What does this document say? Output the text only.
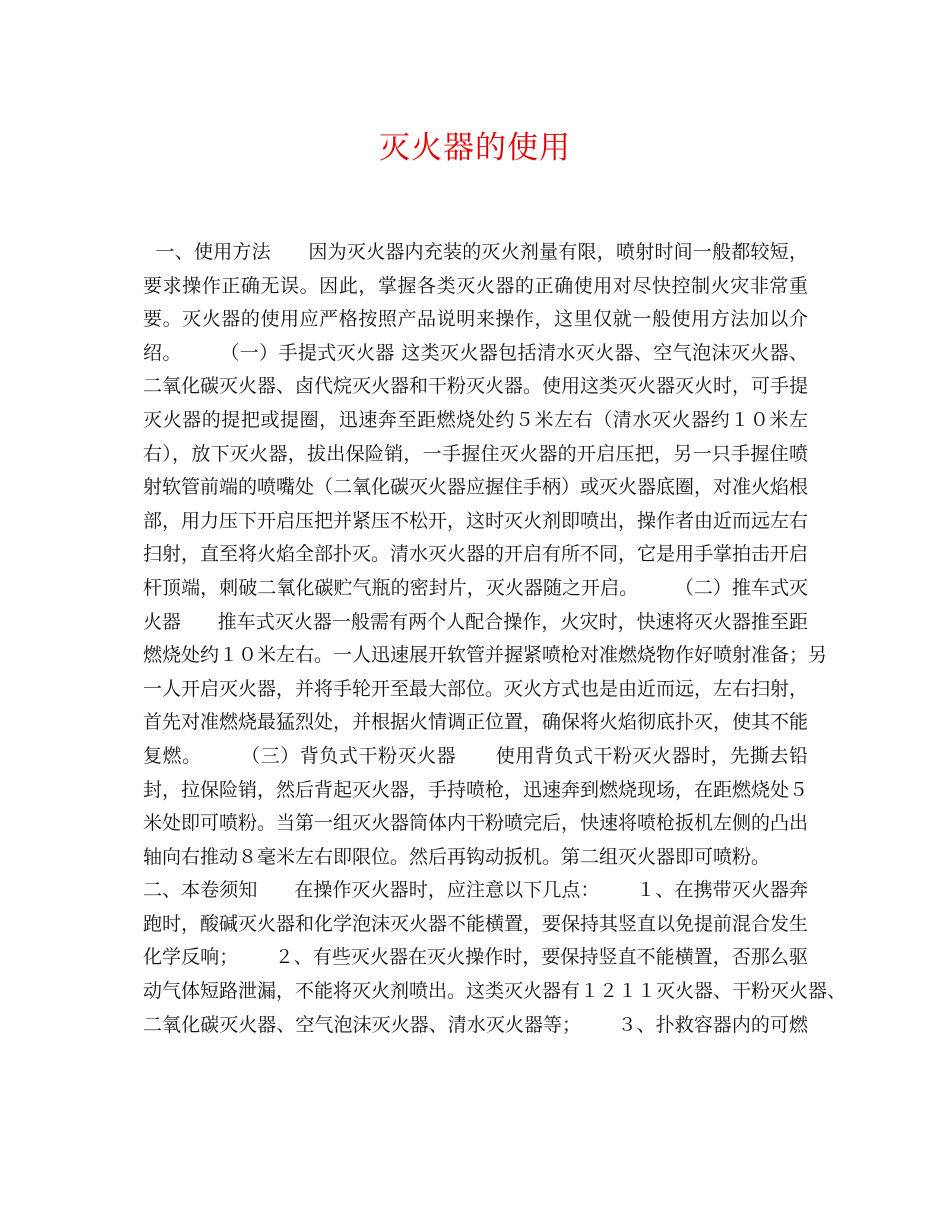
灭火器的使用
一、使用方法      因为灭火器内充装的灭火剂量有限，喷射时间一般都较短，
要求操作正确无误。因此，掌握各类灭火器的正确使用对尽快控制火灾非常重
要。灭火器的使用应严格按照产品说明来操作，这里仅就一般使用方法加以介
绍。      （一）手提式灭火器 这类灭火器包括清水灭火器、空气泡沫灭火器、
二氧化碳灭火器、卤代烷灭火器和干粉灭火器。使用这类灭火器灭火时，可手提
灭火器的提把或提圈，迅速奔至距燃烧处约５米左右（清水灭火器约１０米左
右），放下灭火器，拔出保险销，一手握住灭火器的开启压把，另一只手握住喷
射软管前端的喷嘴处（二氧化碳灭火器应握住手柄）或灭火器底圈，对准火焰根
部，用力压下开启压把并紧压不松开，这时灭火剂即喷出，操作者由近而远左右
扫射，直至将火焰全部扑灭。清水灭火器的开启有所不同，它是用手掌拍击开启
杆顶端，刺破二氧化碳贮气瓶的密封片，灭火器随之开启。      （二）推车式灭
火器      推车式灭火器一般需有两个人配合操作，火灾时，快速将灭火器推至距
燃烧处约１０米左右。一人迅速展开软管并握紧喷枪对准燃烧物作好喷射准备；另
一人开启灭火器，并将手轮开至最大部位。灭火方式也是由近而远，左右扫射，
首先对准燃烧最猛烈处，并根据火情调正位置，确保将火焰彻底扑灭，使其不能
复燃。      （三）背负式干粉灭火器      使用背负式干粉灭火器时，先撕去铅
封，拉保险销，然后背起灭火器，手持喷枪，迅速奔到燃烧现场，在距燃烧处５
米处即可喷粉。当第一组灭火器筒体内干粉喷完后，快速将喷枪扳机左侧的凸出
轴向右推动８毫米左右即限位。然后再钩动扳机。第二组灭火器即可喷粉。
二、本卷须知      在操作灭火器时，应注意以下几点：      １、在携带灭火器奔
跑时，酸碱灭火器和化学泡沫灭火器不能横置，要保持其竖直以免提前混合发生
化学反响；      ２、有些灭火器在灭火操作时，要保持竖直不能横置，否那么驱
动气体短路泄漏，不能将灭火剂喷出。这类灭火器有１２１１灭火器、干粉灭火器、
二氧化碳灭火器、空气泡沫灭火器、清水灭火器等；      ３、扑救容器内的可燃
